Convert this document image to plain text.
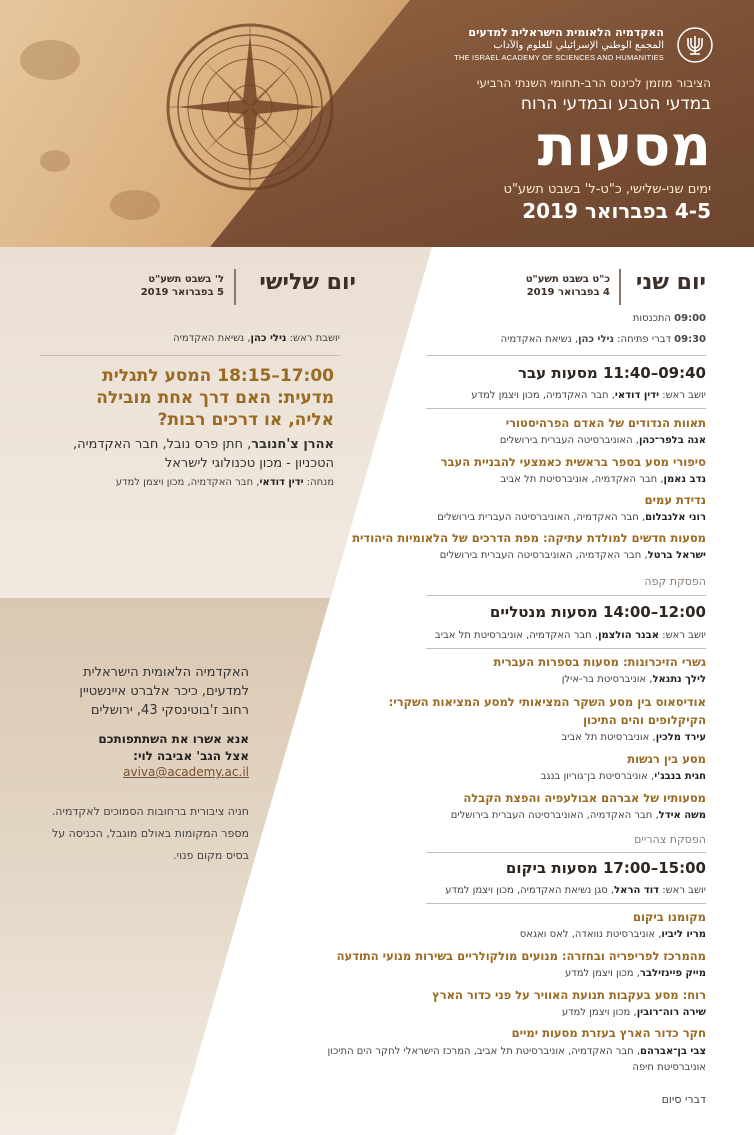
האקדמיה הלאומית הישראלית למדעים
المجمع الوطني الإسرائيلي للعلوم والآداب
THE ISRAEL ACADEMY OF SCIENCES AND HUMANITIES
הציבור מוזמן לכינוס הרב-תחומי השנתי הרביעי
במדעי הטבע ובמדעי הרוח
מסעות
ימים שני-שלישי, כ"ט-ל' בשבט תשע"ט
4-5 בפברואר 2019
יום שני
כ"ט בשבט תשע"ט
4 בפברואר 2019
09:00 התכנסות
09:30 דברי פתיחה: נילי כהן, נשיאת האקדמיה
09:40–11:40 מסעות עבר
יושב ראש: ידין דודאי, חבר האקדמיה, מכון ויצמן למדע
תאוות הנדודים של האדם הפרהיסטורי
אנה בלפר־כהן, האוניברסיטה העברית בירושלים
סיפורי מסע בספר בראשית כאמצעי להבניית העבר
נדב נאמן, חבר האקדמיה, אוניברסיטת תל אביב
נדידת עמים
רוני אלנבלום, חבר האקדמיה, האוניברסיטה העברית בירושלים
מסעות חדשים למולדת עתיקה: מפת הדרכים של הלאומיות היהודית
ישראל ברטל, חבר האקדמיה, האוניברסיטה העברית בירושלים
הפסקת קפה
12:00–14:00 מסעות מנטליים
יושב ראש: אבנר הולצמן, חבר האקדמיה, אוניברסיטת תל אביב
גשרי הזיכרונות: מסעות בספרות העברית
לילך נתנאל, אוניברסיטת בר-אילן
אודיסאוס בין מסע השקר המציאותי למסע המציאות השקרי:
הקיקלופים והים התיכון
עירד מלכין, אוניברסיטת תל אביב
מסע בין רגשות
חגית בנבג'י, אוניברסיטת בן־גוריון בנגב
מסעותיו של אברהם אבולעפיה והפצת הקבלה
משה אידל, חבר האקדמיה, האוניברסיטה העברית בירושלים
הפסקת צהריים
15:00–17:00 מסעות ביקום
יושב ראש: דוד הראל, סגן נשיאת האקדמיה, מכון ויצמן למדע
מקומנו ביקום
מריו ליביו, אוניברסיטת נוואדה, לאס ואגאס
מהמרכז לפריפריה ובחזרה: מנועים מולקולריים בשירות מנועי התודעה
מייק פיינזילבר, מכון ויצמן למדע
רוח: מסע בעקבות תנועת האוויר על פני כדור הארץ
שירה רוה־רובין, מכון ויצמן למדע
חקר כדור הארץ בעזרת מסעות ימיים
צבי בן־אברהם, חבר האקדמיה, אוניברסיטת תל אביב, המרכז הישראלי לחקר הים התיכון
אוניברסיטת חיפה
דברי סיום
יום שלישי
ל' בשבט תשע"ט
5 בפברואר 2019
יושבת ראש: נילי כהן, נשיאת האקדמיה
17:00–18:15 המסע לתגלית
מדעית: האם דרך אחת מובילה
אליה, או דרכים רבות?
אהרן צ'חנובר, חתן פרס נובל, חבר האקדמיה,
הטכניון - מכון טכנולוגי לישראל
מנחה: ידין דודאי, חבר האקדמיה, מכון ויצמן למדע
האקדמיה הלאומית הישראלית
למדעים, כיכר אלברט איינשטיין
רחוב ז'בוטינסקי 43, ירושלים
אנא אשרו את השתתפותכם
אצל הגב' אביבה לוי:
aviva@academy.ac.il
חניה ציבורית ברחובות הסמוכים לאקדמיה.
מספר המקומות באולם מוגבל, הכניסה על
בסיס מקום פנוי.
